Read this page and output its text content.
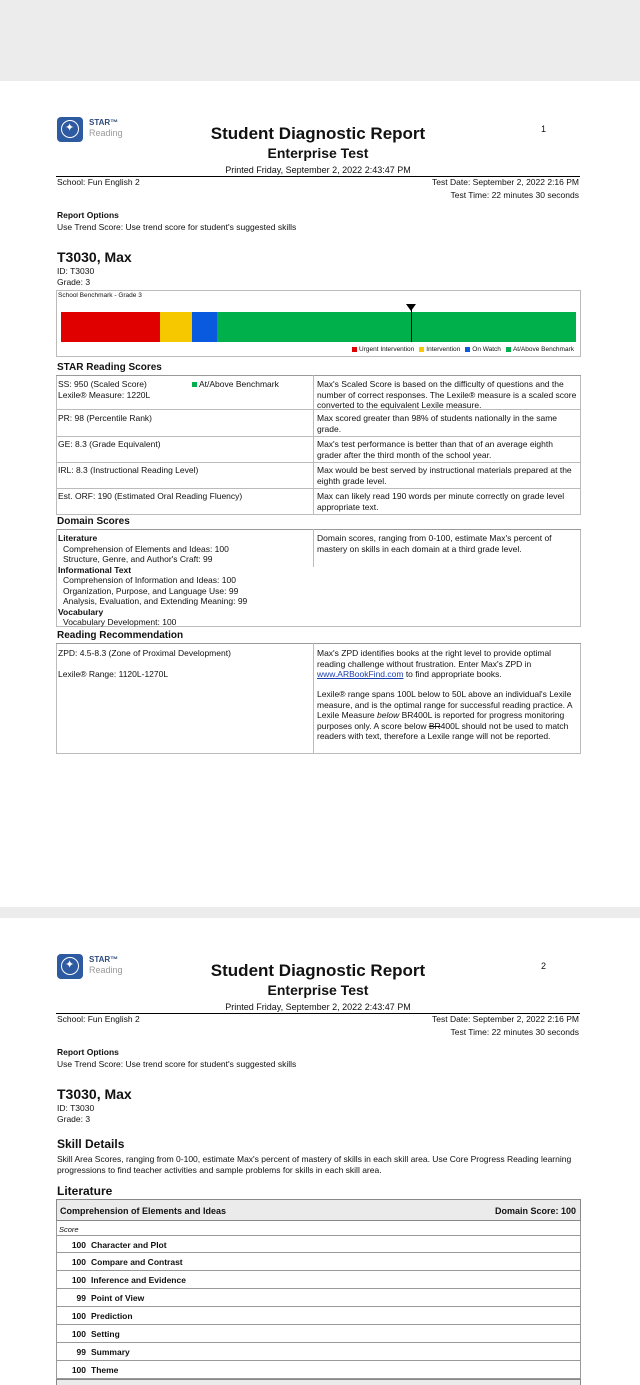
✦
STAR™
Reading	Student Diagnostic Report
Enterprise Test
Printed Friday, September 2, 2022 2:43:47 PM
1
School: Fun English 2	Test Date: September 2, 2022 2:16 PM
Test Time: 22 minutes 30 seconds
Report Options
Use Trend Score: Use trend score for student's suggested skills
T3030, Max
ID: T3030
Grade: 3
School Benchmark - Grade 3
Urgent Intervention Intervention On Watch At/Above Benchmark
STAR Reading Scores
SS: 950 (Scaled Score)
Lexile® Measure: 1220L
At/Above Benchmark	Max's Scaled Score is based on the difficulty of questions and the number of correct responses. The Lexile® measure is a scaled score converted to the equivalent Lexile measure.
PR: 98 (Percentile Rank)	Max scored greater than 98% of students nationally in the same grade.
GE: 8.3 (Grade Equivalent)	Max's test performance is better than that of an average eighth grader after the third month of the school year.
IRL: 8.3 (Instructional Reading Level)	Max would be best served by instructional materials prepared at the eighth grade level.
Est. ORF: 190 (Estimated Oral Reading Fluency)	Max can likely read 190 words per minute correctly on grade level appropriate text.
Domain Scores
Literature
Comprehension of Elements and Ideas: 100
Structure, Genre, and Author's Craft: 99
Informational Text
Comprehension of Information and Ideas: 100
Organization, Purpose, and Language Use: 99
Analysis, Evaluation, and Extending Meaning: 99
Vocabulary
Vocabulary Development: 100
Domain scores, ranging from 0-100, estimate Max's percent of mastery on skills in each domain at a third grade level.
Reading Recommendation
ZPD: 4.5-8.3 (Zone of Proximal Development)
Lexile® Range: 1120L-1270L
Max's ZPD identifies books at the right level to provide optimal reading challenge without frustration. Enter Max's ZPD in www.ARBookFind.com to find appropriate books.
Lexile® range spans 100L below to 50L above an individual's Lexile measure, and is the optimal range for successful reading practice. A Lexile Measure below BR400L is reported for progress monitoring purposes only. A score below BR400L should not be used to match readers with text, therefore a Lexile range will not be reported.
✦
STAR™
Reading	Student Diagnostic Report
Enterprise Test
Printed Friday, September 2, 2022 2:43:47 PM
2
School: Fun English 2	Test Date: September 2, 2022 2:16 PM
Test Time: 22 minutes 30 seconds
Report Options
Use Trend Score: Use trend score for student's suggested skills
T3030, Max
ID: T3030
Grade: 3
Skill Details
Skill Area Scores, ranging from 0-100, estimate Max's percent of mastery of skills in each skill area. Use Core Progress Reading learning progressions to find teacher activities and sample problems for skills in each skill area.
Literature
Comprehension of Elements and Ideas	Domain Score: 100
Score
100 Character and Plot
100 Compare and Contrast
100 Inference and Evidence
99 Point of View
100 Prediction
100 Setting
99 Summary
100 Theme
